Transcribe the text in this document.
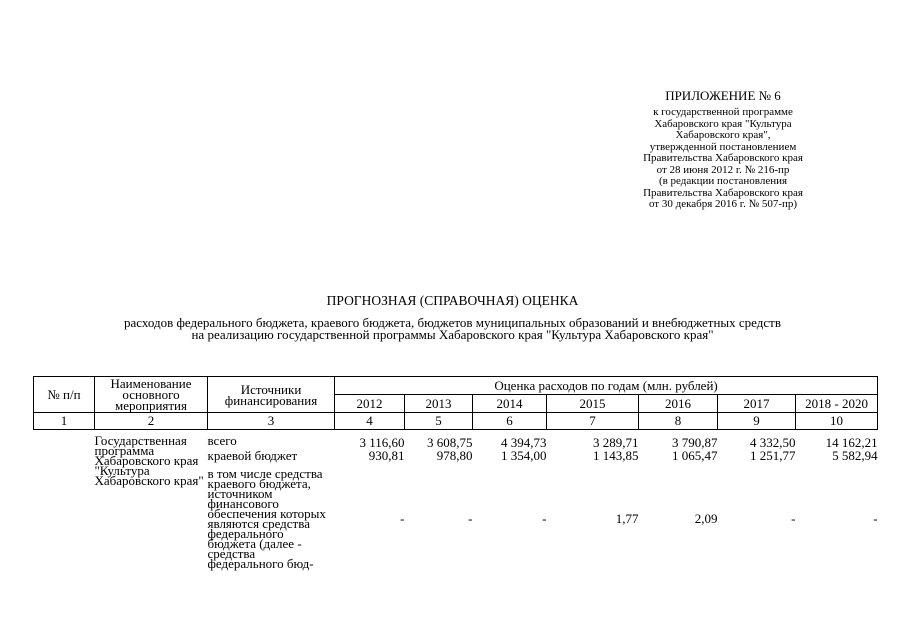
ПРИЛОЖЕНИЕ № 6
к государственной программе
Хабаровского края "Культура
Хабаровского края",
утвержденной постановлением
Правительства Хабаровского края
от 28 июня 2012 г. № 216-пр
(в редакции постановления
Правительства Хабаровского края
от 30 декабря 2016 г. № 507-пр)
ПРОГНОЗНАЯ (СПРАВОЧНАЯ) ОЦЕНКА
расходов федерального бюджета, краевого бюджета, бюджетов муниципальных образований и внебюджетных средств
на реализацию государственной программы Хабаровского края "Культура Хабаровского края"
№ п/п	Наименование основного мероприятия	Источники финансирования	Оценка расходов по годам (млн. рублей)						
			2012	2013	2014	2015	2016	2017	2018 - 2020
1	2	3	4	5	6	7	8	9	10

	Государственная программа Хабаровского края "Культура Хабаровского края"	всего	3 116,60	3 608,75	4 394,73	3 289,71	3 790,87	4 332,50	14 162,21
		краевой бюджет	930,81	978,80	1 354,00	1 143,85	1 065,47	1 251,77	5 582,94
		в том числе средства краевого бюджета, источником финансового обеспечения которых являются средства федерального бюджета (далее - средства федерального бюд-	-	-	-	1,77	2,09	-	-
